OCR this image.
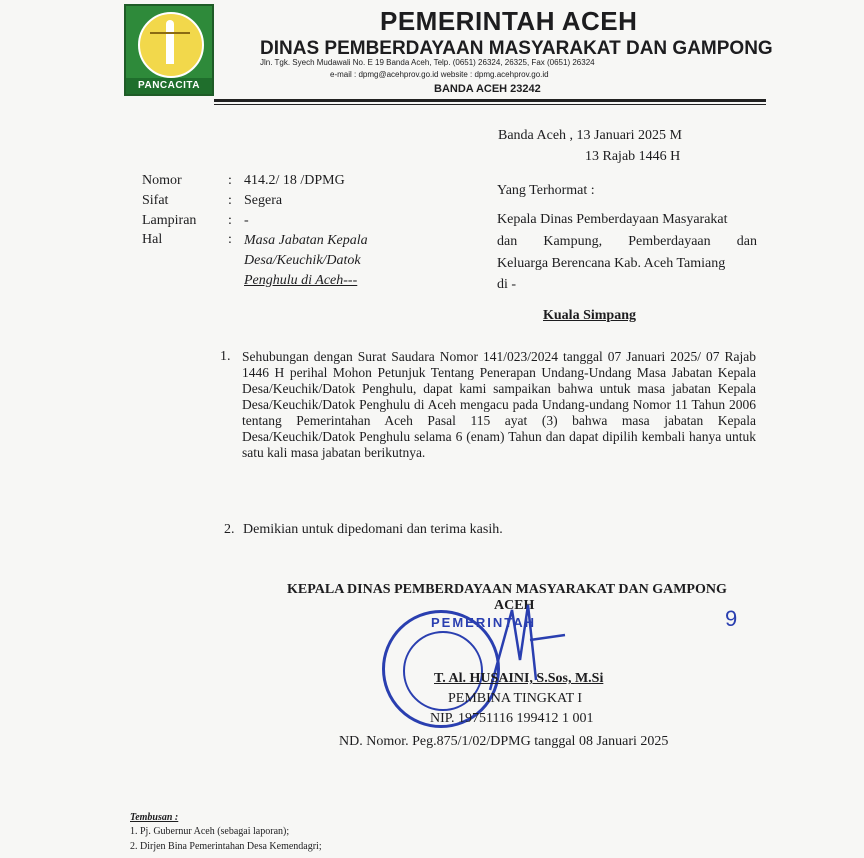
PANCACITA
PEMERINTAH ACEH
DINAS PEMBERDAYAAN MASYARAKAT DAN GAMPONG
Jln. Tgk. Syech Mudawali No. E 19 Banda Aceh, Telp. (0651) 26324, 26325, Fax (0651) 26324
e-mail : dpmg@acehprov.go.id website : dpmg.acehprov.go.id
BANDA ACEH 23242
Banda Aceh , 13 Januari 2025 M
13 Rajab 1446 H
Nomor
Sifat
Lampiran
Hal
:
:
:
:
414.2/ 18 /DPMG
Segera
-
Masa Jabatan Kepala
Desa/Keuchik/Datok
Penghulu di Aceh---
Yang Terhormat :
Kepala Dinas Pemberdayaan Masyarakat
dan Kampung, Pemberdayaan dan
Keluarga Berencana Kab. Aceh Tamiang
di -
Kuala Simpang
1. Sehubungan dengan Surat Saudara Nomor 141/023/2024 tanggal 07 Januari 2025/ 07 Rajab 1446 H perihal Mohon Petunjuk Tentang Penerapan Undang-Undang Masa Jabatan Kepala Desa/Keuchik/Datok Penghulu, dapat kami sampaikan bahwa untuk masa jabatan Kepala Desa/Keuchik/Datok Penghulu di Aceh mengacu pada Undang-undang Nomor 11 Tahun 2006 tentang Pemerintahan Aceh Pasal 115 ayat (3) bahwa masa jabatan Kepala Desa/Keuchik/Datok Penghulu selama 6 (enam) Tahun dan dapat dipilih kembali hanya untuk satu kali masa jabatan berikutnya.
2. Demikian untuk dipedomani dan terima kasih.
KEPALA DINAS PEMBERDAYAAN MASYARAKAT DAN GAMPONG
ACEH
9
PEMERINTAH
T. Al. HUSAINI, S.Sos, M.Si
PEMBINA TINGKAT I
NIP. 19751116 199412 1 001
ND. Nomor. Peg.875/1/02/DPMG tanggal 08 Januari 2025
Tembusan :
1. Pj. Gubernur Aceh (sebagai laporan);
2. Dirjen Bina Pemerintahan Desa Kemendagri;
